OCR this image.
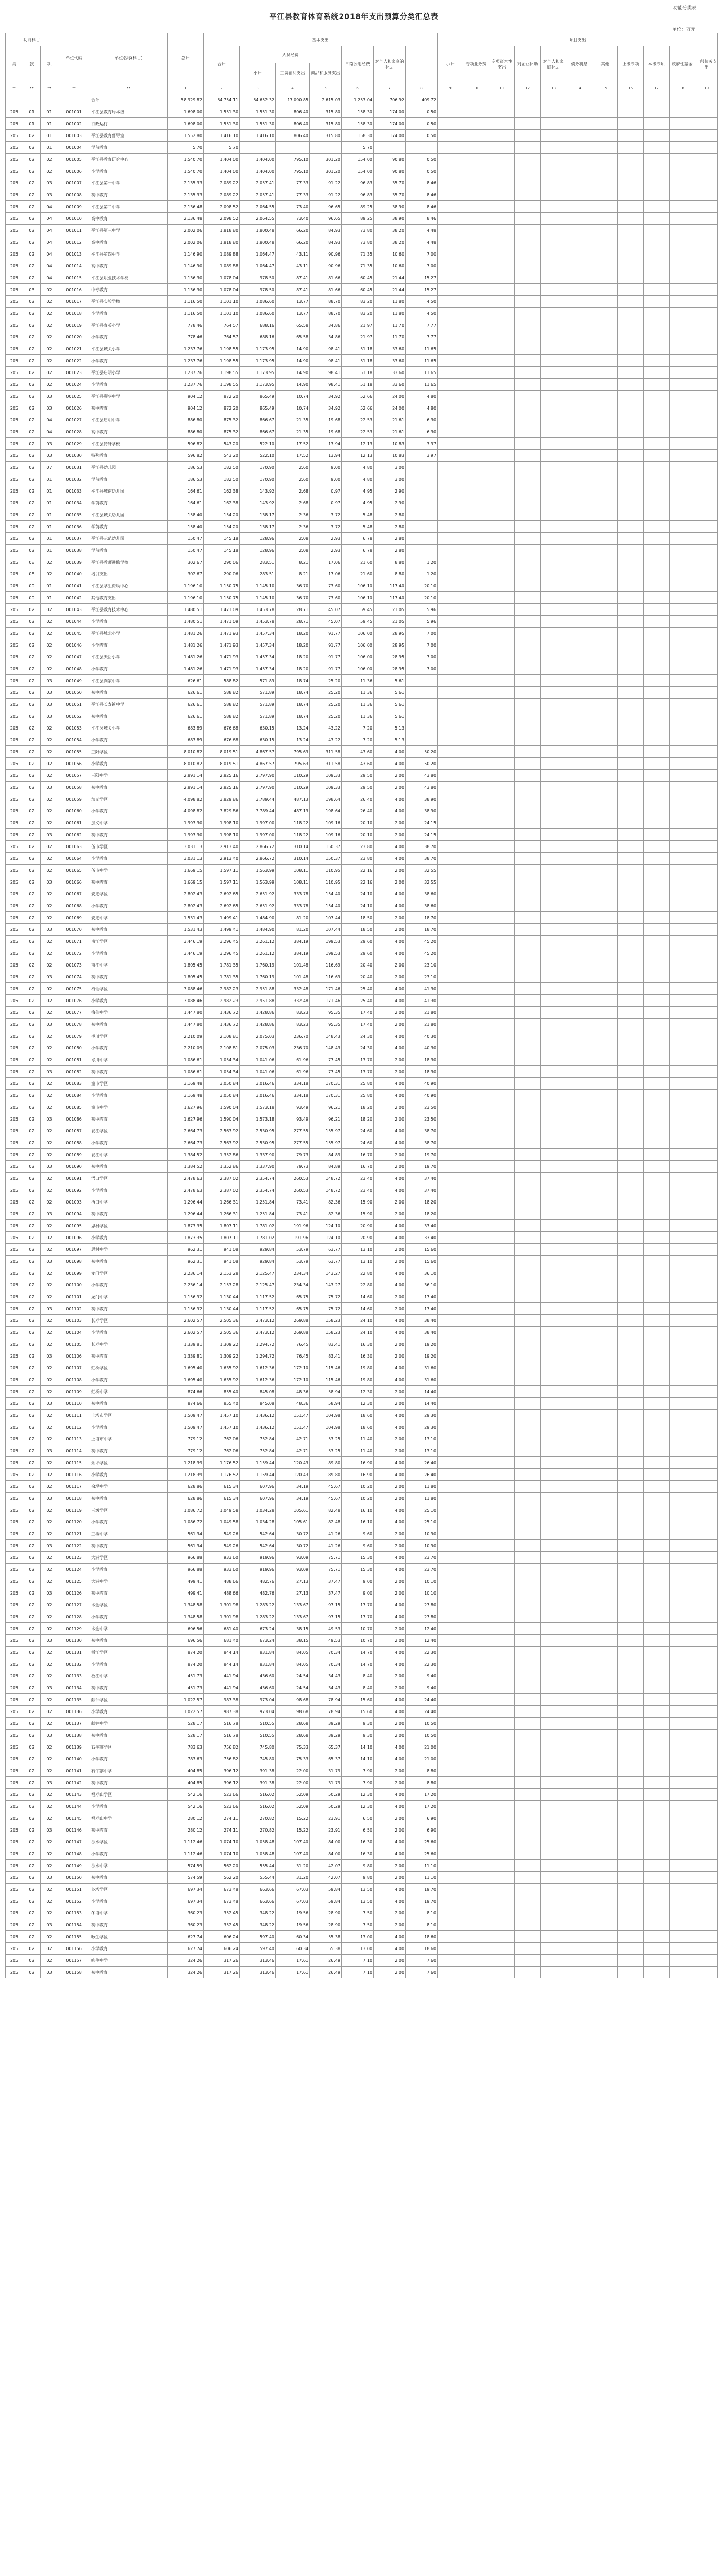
功能分类表
平江县教育体育系统2018年支出预算分类汇总表
单位：万元
功能科目			单位代码	单位名称(科目)	总计	基本支出							项目支出										
类	款	项				合计	人员经费			日常公用经费	对个人和家庭的补助		小计	专项业务费	专项资本性支出	对企业补助	对个人和家庭补助	债务利息	其他	上级专项	本级专项	政府性基金	一般债务支出
							小计	工资福利支出	商品和服务支出														
**	**	**	**	**	1	2	3	4	5	6	7	8	9	10	11	12	13	14	15	16	17	18	19
				合计	58,929.82	54,754.11	54,652.32	17,090.85	2,615.03	1,253.04	706.92	409.72											
205	01	01	001001	平江县教育局本级	1,698.00	1,551.30	1,551.30	806.40	315.80	158.30	174.00	0.50											
205	01	01	001002	行政运行	1,698.00	1,551.30	1,551.30	806.40	315.80	158.30	174.00	0.50											
205	02	01	001003	平江县教育督导室	1,552.80	1,416.10	1,416.10	806.40	315.80	158.30	174.00	0.50											
205	02	01	001004	学前教育	5.70	5.70				5.70													
205	02	02	001005	平江县教育研究中心	1,540.70	1,404.00	1,404.00	795.10	301.20	154.00	90.80	0.50											
205	02	02	001006	小学教育	1,540.70	1,404.00	1,404.00	795.10	301.20	154.00	90.80	0.50											
205	02	03	001007	平江县第一中学	2,135.33	2,089.22	2,057.41	77.33	91.22	96.83	35.70	8.46											
205	02	03	001008	初中教育	2,135.33	2,089.22	2,057.41	77.33	91.22	96.83	35.70	8.46											
205	02	04	001009	平江县第二中学	2,136.48	2,098.52	2,064.55	73.40	96.65	89.25	38.90	8.46											
205	02	04	001010	高中教育	2,136.48	2,098.52	2,064.55	73.40	96.65	89.25	38.90	8.46											
205	02	04	001011	平江县第三中学	2,002.06	1,818.80	1,800.48	66.20	84.93	73.80	38.20	4.48											
205	02	04	001012	高中教育	2,002.06	1,818.80	1,800.48	66.20	84.93	73.80	38.20	4.48											
205	02	04	001013	平江县第四中学	1,146.90	1,089.88	1,064.47	43.11	90.96	71.35	10.60	7.00											
205	02	04	001014	高中教育	1,146.90	1,089.88	1,064.47	43.11	90.96	71.35	10.60	7.00											
205	02	04	001015	平江县职业技术学校	1,136.30	1,078.04	978.50	87.41	81.66	60.45	21.44	15.27											
205	03	02	001016	中专教育	1,136.30	1,078.04	978.50	87.41	81.66	60.45	21.44	15.27											
205	02	02	001017	平江县实验学校	1,116.50	1,101.10	1,086.60	13.77	88.70	83.20	11.80	4.50											
205	02	02	001018	小学教育	1,116.50	1,101.10	1,086.60	13.77	88.70	83.20	11.80	4.50											
205	02	02	001019	平江县育英小学	778.46	764.57	688.16	65.58	34.86	21.97	11.70	7.77											
205	02	02	001020	小学教育	778.46	764.57	688.16	65.58	34.86	21.97	11.70	7.77											
205	02	02	001021	平江县城关小学	1,237.76	1,198.55	1,173.95	14.90	98.41	51.18	33.60	11.65											
205	02	02	001022	小学教育	1,237.76	1,198.55	1,173.95	14.90	98.41	51.18	33.60	11.65											
205	02	02	001023	平江县启明小学	1,237.76	1,198.55	1,173.95	14.90	98.41	51.18	33.60	11.65											
205	02	02	001024	小学教育	1,237.76	1,198.55	1,173.95	14.90	98.41	51.18	33.60	11.65											
205	02	03	001025	平江县颐华中学	904.12	872.20	865.49	10.74	34.92	52.66	24.00	4.80											
205	02	03	001026	初中教育	904.12	872.20	865.49	10.74	34.92	52.66	24.00	4.80											
205	02	04	001027	平江县启明中学	886.80	875.32	866.67	21.35	19.68	22.53	21.61	6.30											
205	02	04	001028	高中教育	886.80	875.32	866.67	21.35	19.68	22.53	21.61	6.30											
205	02	03	001029	平江县特殊学校	596.82	543.20	522.10	17.52	13.94	12.13	10.83	3.97											
205	02	03	001030	特殊教育	596.82	543.20	522.10	17.52	13.94	12.13	10.83	3.97											
205	02	07	001031	平江县幼儿园	186.53	182.50	170.90	2.60	9.00	4.80	3.00												
205	02	01	001032	学前教育	186.53	182.50	170.90	2.60	9.00	4.80	3.00												
205	02	01	001033	平江县城南幼儿园	164.61	162.38	143.92	2.68	0.97	4.95	2.90												
205	02	01	001034	学前教育	164.61	162.38	143.92	2.68	0.97	4.95	2.90												
205	02	01	001035	平江县城关幼儿园	158.40	154.20	138.17	2.36	3.72	5.48	2.80												
205	02	01	001036	学前教育	158.40	154.20	138.17	2.36	3.72	5.48	2.80												
205	02	01	001037	平江县示范幼儿园	150.47	145.18	128.96	2.08	2.93	6.78	2.80												
205	02	01	001038	学前教育	150.47	145.18	128.96	2.08	2.93	6.78	2.80												
205	08	02	001039	平江县教师进修学校	302.67	290.06	283.51	8.21	17.06	21.60	8.80	1.20											
205	08	02	001040	培训支出	302.67	290.06	283.51	8.21	17.06	21.60	8.80	1.20											
205	09	01	001041	平江县学生资助中心	1,196.10	1,150.75	1,145.10	36.70	73.60	106.10	117.40	20.10											
205	09	01	001042	其他教育支出	1,196.10	1,150.75	1,145.10	36.70	73.60	106.10	117.40	20.10											
205	02	02	001043	平江县教育技术中心	1,480.51	1,471.09	1,453.78	28.71	45.07	59.45	21.05	5.96											
205	02	02	001044	小学教育	1,480.51	1,471.09	1,453.78	28.71	45.07	59.45	21.05	5.96											
205	02	02	001045	平江县城北小学	1,481.26	1,471.93	1,457.34	18.20	91.77	106.00	28.95	7.00											
205	02	02	001046	小学教育	1,481.26	1,471.93	1,457.34	18.20	91.77	106.00	28.95	7.00											
205	02	02	001047	平江县天岳小学	1,481.26	1,471.93	1,457.34	18.20	91.77	106.00	28.95	7.00											
205	02	02	001048	小学教育	1,481.26	1,471.93	1,457.34	18.20	91.77	106.00	28.95	7.00											
205	02	03	001049	平江县向家中学	626.61	588.82	571.89	18.74	25.20	11.36	5.61												
205	02	03	001050	初中教育	626.61	588.82	571.89	18.74	25.20	11.36	5.61												
205	02	03	001051	平江县长寿镇中学	626.61	588.82	571.89	18.74	25.20	11.36	5.61												
205	02	03	001052	初中教育	626.61	588.82	571.89	18.74	25.20	11.36	5.61												
205	02	02	001053	平江县城关小学	683.89	676.68	630.15	13.24	43.22	7.20	5.13												
205	02	02	001054	小学教育	683.89	676.68	630.15	13.24	43.22	7.20	5.13												
205	02	02	001055	三阳学区	8,010.82	8,019.51	4,867.57	795.63	311.58	43.60	4.00	50.20											
205	02	02	001056	小学教育	8,010.82	8,019.51	4,867.57	795.63	311.58	43.60	4.00	50.20											
205	02	02	001057	三阳中学	2,891.14	2,825.16	2,797.90	110.29	109.33	29.50	2.00	43.80											
205	02	03	001058	初中教育	2,891.14	2,825.16	2,797.90	110.29	109.33	29.50	2.00	43.80											
205	02	02	001059	加义学区	4,098.82	3,829.86	3,789.44	487.13	198.64	26.40	4.00	38.90											
205	02	02	001060	小学教育	4,098.82	3,829.86	3,789.44	487.13	198.64	26.40	4.00	38.90											
205	02	02	001061	加义中学	1,993.30	1,998.10	1,997.00	118.22	109.16	20.10	2.00	24.15											
205	02	03	001062	初中教育	1,993.30	1,998.10	1,997.00	118.22	109.16	20.10	2.00	24.15											
205	02	02	001063	伍市学区	3,031.13	2,913.40	2,866.72	310.14	150.37	23.80	4.00	38.70											
205	02	02	001064	小学教育	3,031.13	2,913.40	2,866.72	310.14	150.37	23.80	4.00	38.70											
205	02	02	001065	伍市中学	1,669.15	1,597.11	1,563.99	108.11	110.95	22.16	2.00	32.55											
205	02	03	001066	初中教育	1,669.15	1,597.11	1,563.99	108.11	110.95	22.16	2.00	32.55											
205	02	02	001067	安定学区	2,802.43	2,692.65	2,651.92	333.78	154.40	24.10	4.00	38.60											
205	02	02	001068	小学教育	2,802.43	2,692.65	2,651.92	333.78	154.40	24.10	4.00	38.60											
205	02	02	001069	安定中学	1,531.43	1,499.41	1,484.90	81.20	107.44	18.50	2.00	18.70											
205	02	03	001070	初中教育	1,531.43	1,499.41	1,484.90	81.20	107.44	18.50	2.00	18.70											
205	02	02	001071	南江学区	3,446.19	3,296.45	3,261.12	384.19	199.53	29.60	4.00	45.20											
205	02	02	001072	小学教育	3,446.19	3,296.45	3,261.12	384.19	199.53	29.60	4.00	45.20											
205	02	02	001073	南江中学	1,805.45	1,781.35	1,760.19	101.48	116.69	20.40	2.00	23.10											
205	02	03	001074	初中教育	1,805.45	1,781.35	1,760.19	101.48	116.69	20.40	2.00	23.10											
205	02	02	001075	梅仙学区	3,088.46	2,982.23	2,951.88	332.48	171.46	25.40	4.00	41.30											
205	02	02	001076	小学教育	3,088.46	2,982.23	2,951.88	332.48	171.46	25.40	4.00	41.30											
205	02	02	001077	梅仙中学	1,447.80	1,436.72	1,428.86	83.23	95.35	17.40	2.00	21.80											
205	02	03	001078	初中教育	1,447.80	1,436.72	1,428.86	83.23	95.35	17.40	2.00	21.80											
205	02	02	001079	岑川学区	2,210.09	2,108.81	2,075.03	236.70	148.43	24.30	4.00	40.30											
205	02	02	001080	小学教育	2,210.09	2,108.81	2,075.03	236.70	148.43	24.30	4.00	40.30											
205	02	02	001081	岑川中学	1,086.61	1,054.34	1,041.06	61.96	77.45	13.70	2.00	18.30											
205	02	03	001082	初中教育	1,086.61	1,054.34	1,041.06	61.96	77.45	13.70	2.00	18.30											
205	02	02	001083	童市学区	3,169.48	3,050.84	3,016.46	334.18	170.31	25.80	4.00	40.90											
205	02	02	001084	小学教育	3,169.48	3,050.84	3,016.46	334.18	170.31	25.80	4.00	40.90											
205	02	02	001085	童市中学	1,627.96	1,590.04	1,573.18	93.49	96.21	18.20	2.00	23.50											
205	02	03	001086	初中教育	1,627.96	1,590.04	1,573.18	93.49	96.21	18.20	2.00	23.50											
205	02	02	001087	瓮江学区	2,664.73	2,563.92	2,530.95	277.55	155.97	24.60	4.00	38.70											
205	02	02	001088	小学教育	2,664.73	2,563.92	2,530.95	277.55	155.97	24.60	4.00	38.70											
205	02	02	001089	瓮江中学	1,384.52	1,352.86	1,337.90	79.73	84.89	16.70	2.00	19.70											
205	02	03	001090	初中教育	1,384.52	1,352.86	1,337.90	79.73	84.89	16.70	2.00	19.70											
205	02	02	001091	浯口学区	2,478.63	2,387.02	2,354.74	260.53	148.72	23.40	4.00	37.40											
205	02	02	001092	小学教育	2,478.63	2,387.02	2,354.74	260.53	148.72	23.40	4.00	37.40											
205	02	02	001093	浯口中学	1,296.44	1,266.31	1,251.84	73.41	82.36	15.90	2.00	18.20											
205	02	03	001094	初中教育	1,296.44	1,266.31	1,251.84	73.41	82.36	15.90	2.00	18.20											
205	02	02	001095	思村学区	1,873.35	1,807.11	1,781.02	191.96	124.10	20.90	4.00	33.40											
205	02	02	001096	小学教育	1,873.35	1,807.11	1,781.02	191.96	124.10	20.90	4.00	33.40											
205	02	02	001097	思村中学	962.31	941.08	929.84	53.79	63.77	13.10	2.00	15.60											
205	02	03	001098	初中教育	962.31	941.08	929.84	53.79	63.77	13.10	2.00	15.60											
205	02	02	001099	龙门学区	2,236.14	2,153.28	2,125.47	234.34	143.27	22.80	4.00	36.10											
205	02	02	001100	小学教育	2,236.14	2,153.28	2,125.47	234.34	143.27	22.80	4.00	36.10											
205	02	02	001101	龙门中学	1,156.92	1,130.44	1,117.52	65.75	75.72	14.60	2.00	17.40											
205	02	03	001102	初中教育	1,156.92	1,130.44	1,117.52	65.75	75.72	14.60	2.00	17.40											
205	02	02	001103	长寿学区	2,602.57	2,505.36	2,473.12	269.88	158.23	24.10	4.00	38.40											
205	02	02	001104	小学教育	2,602.57	2,505.36	2,473.12	269.88	158.23	24.10	4.00	38.40											
205	02	02	001105	长寿中学	1,339.81	1,309.22	1,294.72	76.45	83.41	16.30	2.00	19.20											
205	02	03	001106	初中教育	1,339.81	1,309.22	1,294.72	76.45	83.41	16.30	2.00	19.20											
205	02	02	001107	虹桥学区	1,695.40	1,635.92	1,612.36	172.10	115.46	19.80	4.00	31.60											
205	02	02	001108	小学教育	1,695.40	1,635.92	1,612.36	172.10	115.46	19.80	4.00	31.60											
205	02	02	001109	虹桥中学	874.66	855.40	845.08	48.36	58.94	12.30	2.00	14.40											
205	02	03	001110	初中教育	874.66	855.40	845.08	48.36	58.94	12.30	2.00	14.40											
205	02	02	001111	上塔市学区	1,509.47	1,457.10	1,436.12	151.47	104.98	18.60	4.00	29.30											
205	02	02	001112	小学教育	1,509.47	1,457.10	1,436.12	151.47	104.98	18.60	4.00	29.30											
205	02	02	001113	上塔市中学	779.12	762.06	752.84	42.71	53.25	11.40	2.00	13.10											
205	02	03	001114	初中教育	779.12	762.06	752.84	42.71	53.25	11.40	2.00	13.10											
205	02	02	001115	余坪学区	1,218.39	1,176.52	1,159.44	120.43	89.80	16.90	4.00	26.40											
205	02	02	001116	小学教育	1,218.39	1,176.52	1,159.44	120.43	89.80	16.90	4.00	26.40											
205	02	02	001117	余坪中学	628.86	615.34	607.96	34.19	45.67	10.20	2.00	11.80											
205	02	03	001118	初中教育	628.86	615.34	607.96	34.19	45.67	10.20	2.00	11.80											
205	02	02	001119	三墩学区	1,086.72	1,049.58	1,034.28	105.61	82.48	16.10	4.00	25.10											
205	02	02	001120	小学教育	1,086.72	1,049.58	1,034.28	105.61	82.48	16.10	4.00	25.10											
205	02	02	001121	三墩中学	561.34	549.26	542.64	30.72	41.26	9.60	2.00	10.90											
205	02	03	001122	初中教育	561.34	549.26	542.64	30.72	41.26	9.60	2.00	10.90											
205	02	02	001123	大洲学区	966.88	933.60	919.96	93.09	75.71	15.30	4.00	23.70											
205	02	02	001124	小学教育	966.88	933.60	919.96	93.09	75.71	15.30	4.00	23.70											
205	02	02	001125	大洲中学	499.41	488.66	482.76	27.13	37.47	9.00	2.00	10.10											
205	02	03	001126	初中教育	499.41	488.66	482.76	27.13	37.47	9.00	2.00	10.10											
205	02	02	001127	木金学区	1,348.58	1,301.98	1,283.22	133.67	97.15	17.70	4.00	27.80											
205	02	02	001128	小学教育	1,348.58	1,301.98	1,283.22	133.67	97.15	17.70	4.00	27.80											
205	02	02	001129	木金中学	696.56	681.40	673.24	38.15	49.53	10.70	2.00	12.40											
205	02	03	001130	初中教育	696.56	681.40	673.24	38.15	49.53	10.70	2.00	12.40											
205	02	02	001131	板江学区	874.20	844.14	831.84	84.05	70.34	14.70	4.00	22.30											
205	02	02	001132	小学教育	874.20	844.14	831.84	84.05	70.34	14.70	4.00	22.30											
205	02	02	001133	板江中学	451.73	441.94	436.60	24.54	34.43	8.40	2.00	9.40											
205	02	03	001134	初中教育	451.73	441.94	436.60	24.54	34.43	8.40	2.00	9.40											
205	02	02	001135	献钟学区	1,022.57	987.38	973.04	98.68	78.94	15.60	4.00	24.40											
205	02	02	001136	小学教育	1,022.57	987.38	973.04	98.68	78.94	15.60	4.00	24.40											
205	02	02	001137	献钟中学	528.17	516.78	510.55	28.68	39.29	9.30	2.00	10.50											
205	02	03	001138	初中教育	528.17	516.78	510.55	28.68	39.29	9.30	2.00	10.50											
205	02	02	001139	石牛寨学区	783.63	756.82	745.80	75.33	65.37	14.10	4.00	21.00											
205	02	02	001140	小学教育	783.63	756.82	745.80	75.33	65.37	14.10	4.00	21.00											
205	02	02	001141	石牛寨中学	404.85	396.12	391.38	22.00	31.79	7.90	2.00	8.80											
205	02	03	001142	初中教育	404.85	396.12	391.38	22.00	31.79	7.90	2.00	8.80											
205	02	02	001143	福寿山学区	542.16	523.66	516.02	52.09	50.29	12.30	4.00	17.20											
205	02	02	001144	小学教育	542.16	523.66	516.02	52.09	50.29	12.30	4.00	17.20											
205	02	02	001145	福寿山中学	280.12	274.11	270.82	15.22	23.91	6.50	2.00	6.90											
205	02	03	001146	初中教育	280.12	274.11	270.82	15.22	23.91	6.50	2.00	6.90											
205	02	02	001147	浊水学区	1,112.46	1,074.10	1,058.48	107.40	84.00	16.30	4.00	25.60											
205	02	02	001148	小学教育	1,112.46	1,074.10	1,058.48	107.40	84.00	16.30	4.00	25.60											
205	02	02	001149	浊水中学	574.59	562.20	555.44	31.20	42.07	9.80	2.00	11.10											
205	02	03	001150	初中教育	574.59	562.20	555.44	31.20	42.07	9.80	2.00	11.10											
205	02	02	001151	冬塔学区	697.34	673.48	663.66	67.03	59.84	13.50	4.00	19.70											
205	02	02	001152	小学教育	697.34	673.48	663.66	67.03	59.84	13.50	4.00	19.70											
205	02	02	001153	冬塔中学	360.23	352.45	348.22	19.56	28.90	7.50	2.00	8.10											
205	02	03	001154	初中教育	360.23	352.45	348.22	19.56	28.90	7.50	2.00	8.10											
205	02	02	001155	咏生学区	627.74	606.24	597.40	60.34	55.38	13.00	4.00	18.60											
205	02	02	001156	小学教育	627.74	606.24	597.40	60.34	55.38	13.00	4.00	18.60											
205	02	02	001157	咏生中学	324.26	317.26	313.46	17.61	26.49	7.10	2.00	7.60											
205	02	03	001158	初中教育	324.26	317.26	313.46	17.61	26.49	7.10	2.00	7.60											
